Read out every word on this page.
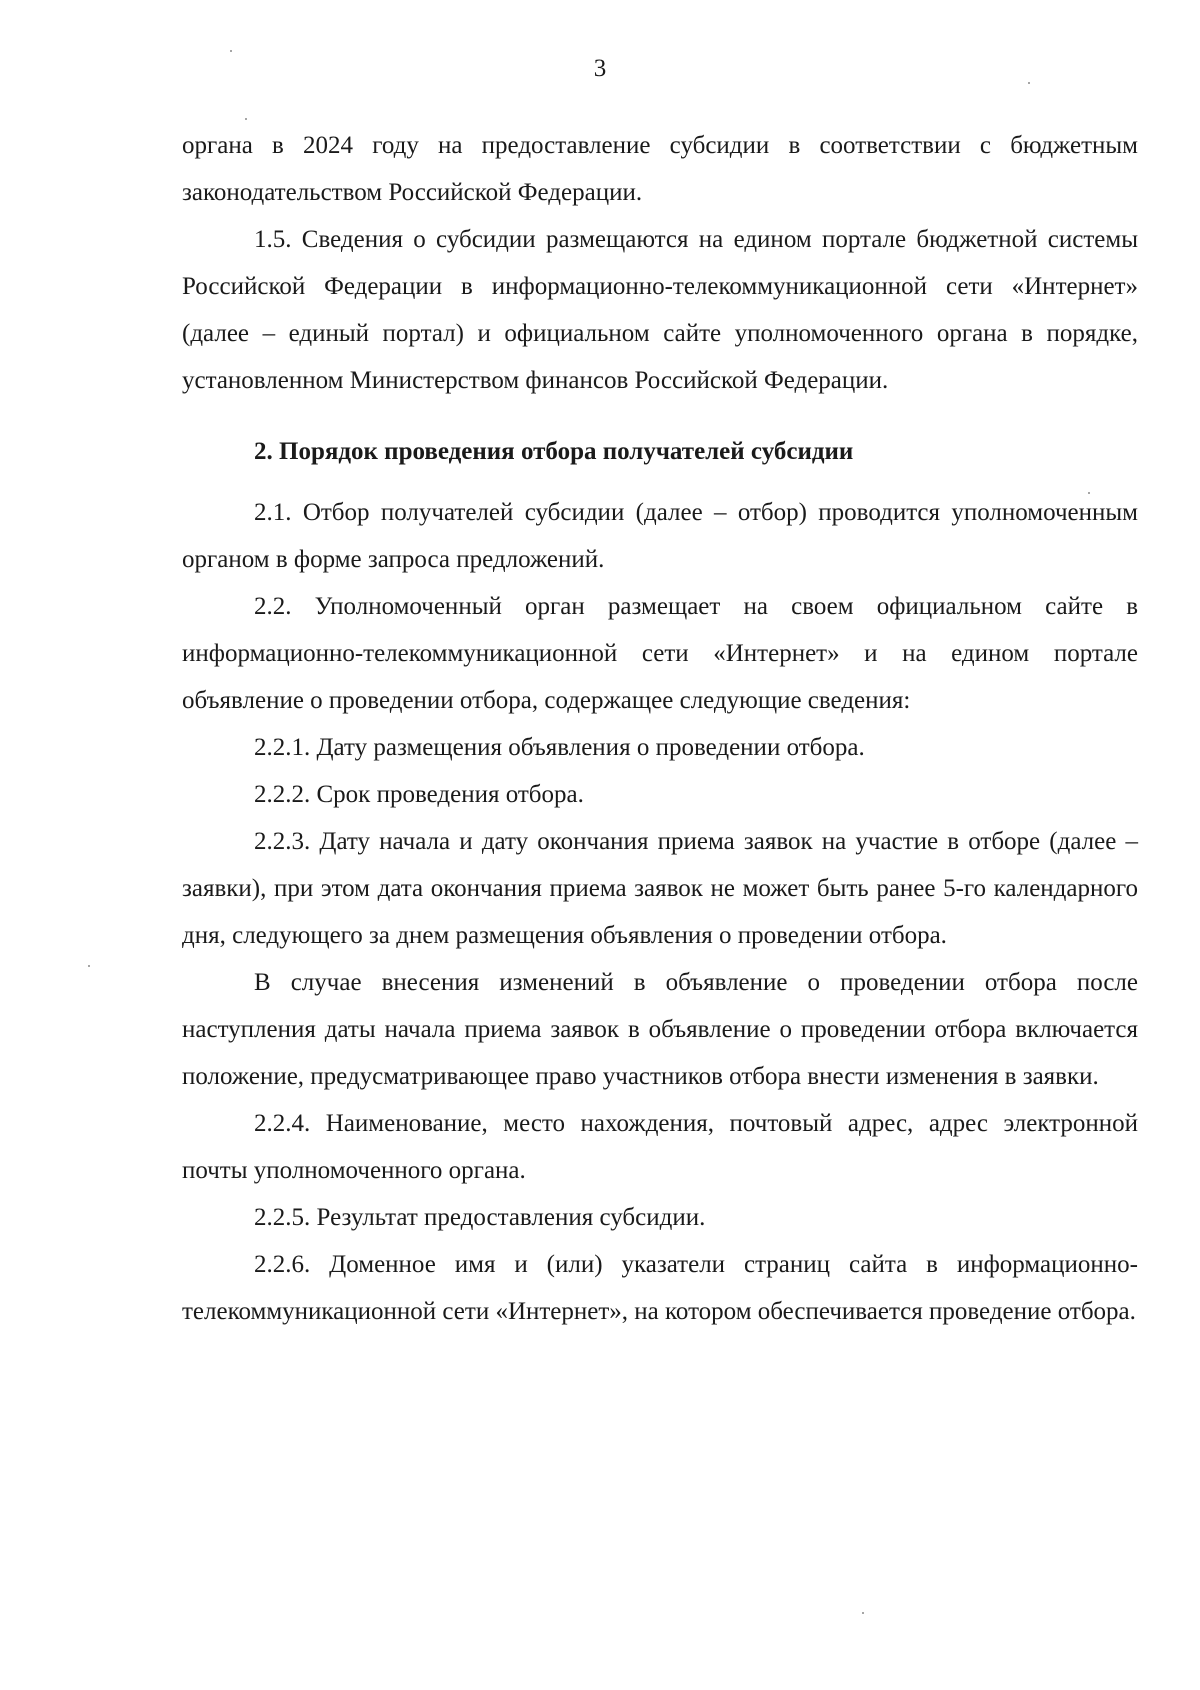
3

органа в 2024 году на предоставление субсидии в соответствии с бюджетным законодательством Российской Федерации.

1.5. Сведения о субсидии размещаются на едином портале бюджетной системы Российской Федерации в информационно-телекоммуникационной сети «Интернет» (далее – единый портал) и официальном сайте уполномоченного органа в порядке, установленном Министерством финансов Российской Федерации.

2. Порядок проведения отбора получателей субсидии

2.1. Отбор получателей субсидии (далее – отбор) проводится уполномоченным органом в форме запроса предложений.

2.2. Уполномоченный орган размещает на своем официальном сайте в информационно-телекоммуникационной сети «Интернет» и на едином портале объявление о проведении отбора, содержащее следующие сведения:

2.2.1. Дату размещения объявления о проведении отбора.

2.2.2. Срок проведения отбора.

2.2.3. Дату начала и дату окончания приема заявок на участие в отборе (далее – заявки), при этом дата окончания приема заявок не может быть ранее 5-го календарного дня, следующего за днем размещения объявления о проведении отбора.

В случае внесения изменений в объявление о проведении отбора после наступления даты начала приема заявок в объявление о проведении отбора включается положение, предусматривающее право участников отбора внести изменения в заявки.

2.2.4. Наименование, место нахождения, почтовый адрес, адрес электронной почты уполномоченного органа.

2.2.5. Результат предоставления субсидии.

2.2.6. Доменное имя и (или) указатели страниц сайта в информационно-телекоммуникационной сети «Интернет», на котором обеспечивается проведение отбора.
